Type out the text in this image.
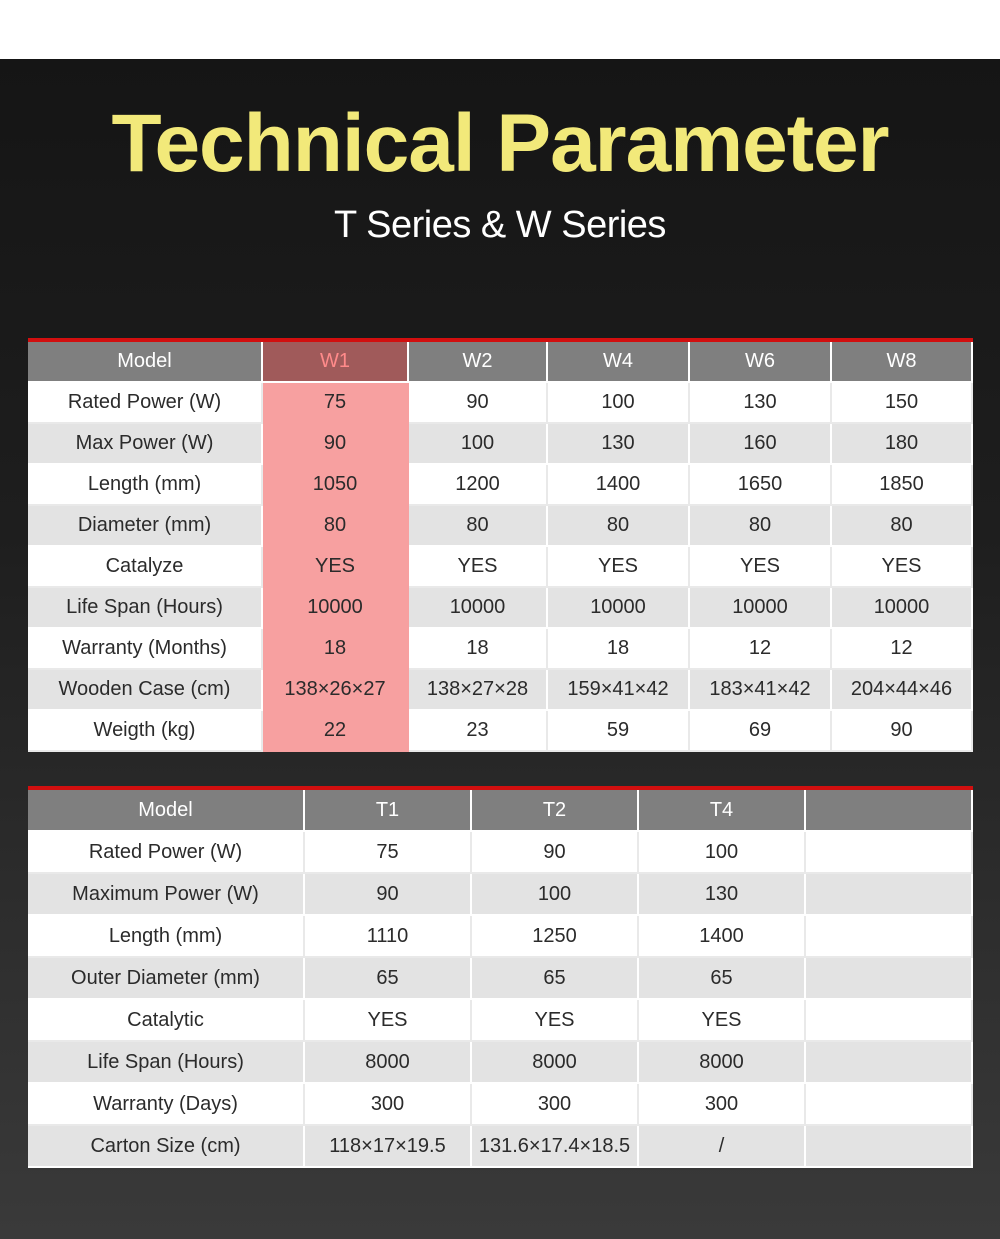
Technical Parameter
T Series & W Series
Model	W1	W2	W4	W6	W8
Rated Power (W)	75	90	100	130	150
Max Power (W)	90	100	130	160	180
Length (mm)	1050	1200	1400	1650	1850
Diameter (mm)	80	80	80	80	80
Catalyze	YES	YES	YES	YES	YES
Life Span (Hours)	10000	10000	10000	10000	10000
Warranty (Months)	18	18	18	12	12
Wooden Case (cm)	138×26×27	138×27×28	159×41×42	183×41×42	204×44×46
Weigth (kg)	22	23	59	69	90
Model	T1	T2	T4	
Rated Power (W)	75	90	100	
Maximum Power (W)	90	100	130	
Length (mm)	1110	1250	1400	
Outer Diameter (mm)	65	65	65	
Catalytic	YES	YES	YES	
Life Span (Hours)	8000	8000	8000	
Warranty (Days)	300	300	300	
Carton Size (cm)	118×17×19.5	131.6×17.4×18.5	/	
